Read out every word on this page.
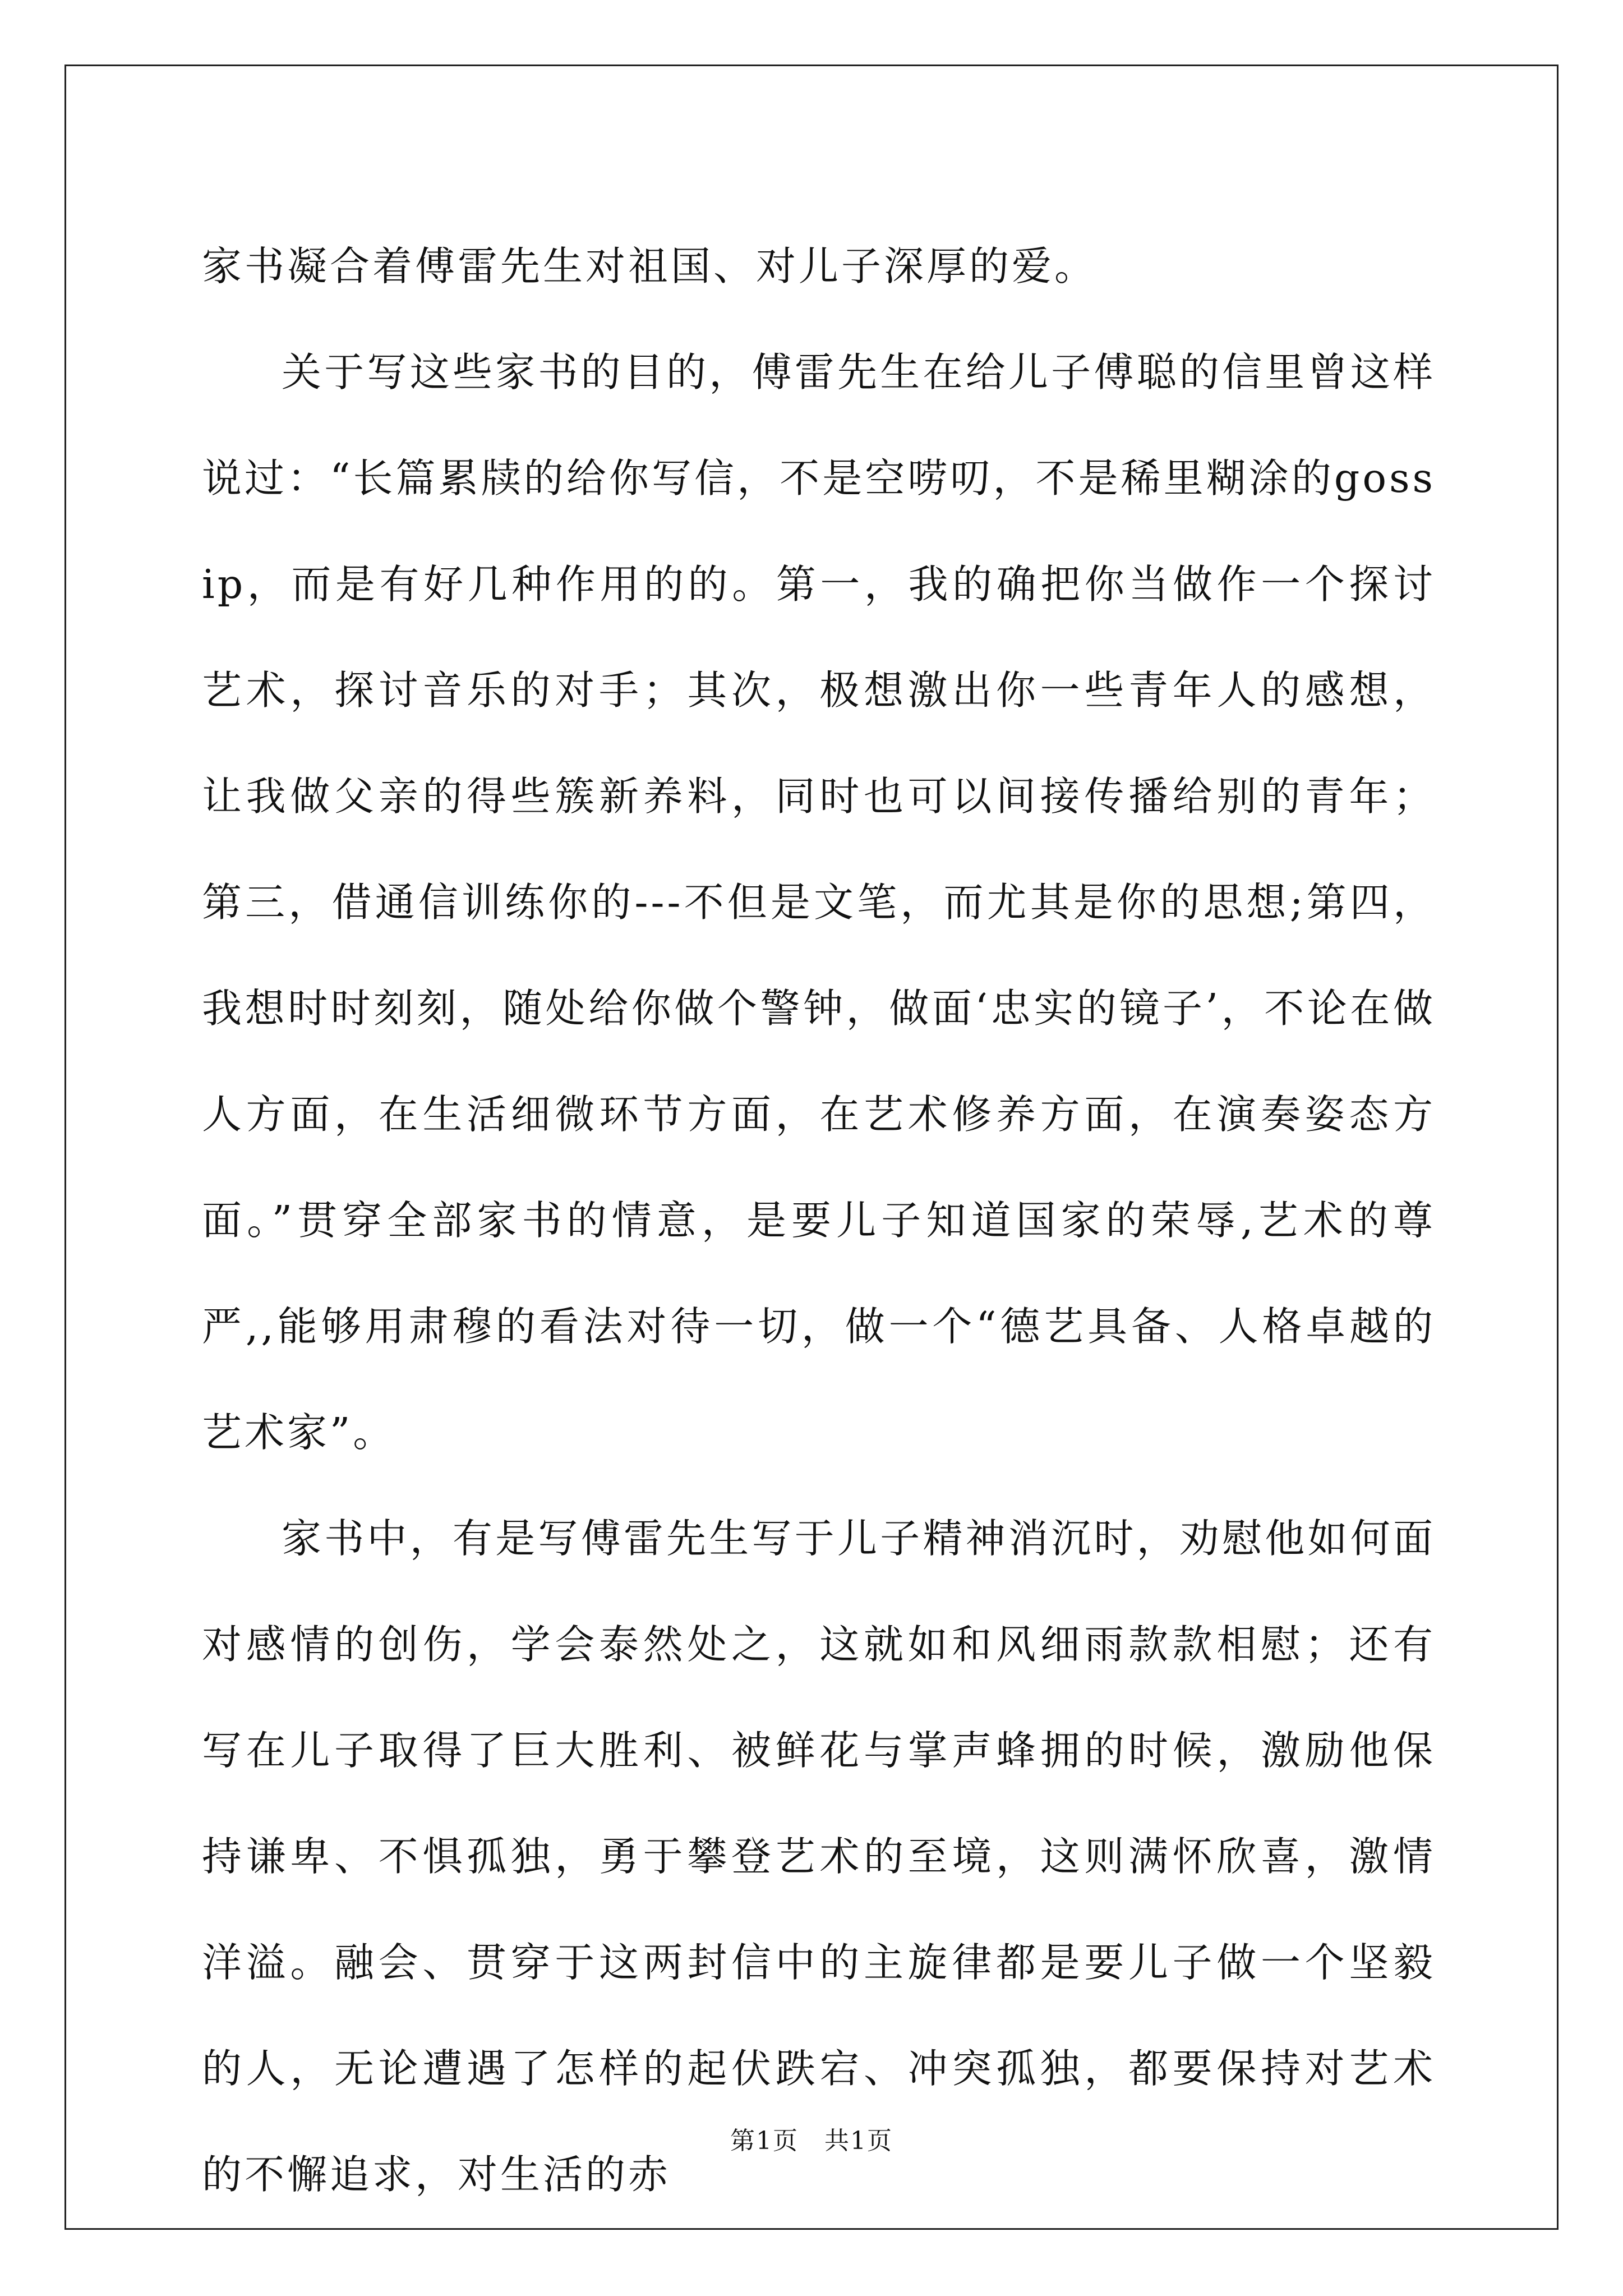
家书凝合着傅雷先生对祖国、对儿子深厚的爱。

关于写这些家书的目的，傅雷先生在给儿子傅聪的信里曾这样说过：“长篇累牍的给你写信，不是空唠叨，不是稀里糊涂的gossip，而是有好几种作用的的。第一，我的确把你当做作一个探讨艺术，探讨音乐的对手；其次，极想激出你一些青年人的感想，让我做父亲的得些簇新养料，同时也可以间接传播给别的青年；第三，借通信训练你的---不但是文笔，而尤其是你的思想;第四，我想时时刻刻，随处给你做个警钟，做面‘忠实的镜子’，不论在做人方面，在生活细微环节方面，在艺术修养方面，在演奏姿态方面。”贯穿全部家书的情意，是要儿子知道国家的荣辱,艺术的尊严,,能够用肃穆的看法对待一切，做一个“德艺具备、人格卓越的艺术家”。

家书中，有是写傅雷先生写于儿子精神消沉时，劝慰他如何面对感情的创伤，学会泰然处之，这就如和风细雨款款相慰；还有写在儿子取得了巨大胜利、被鲜花与掌声蜂拥的时候，激励他保持谦卑、不惧孤独，勇于攀登艺术的至境，这则满怀欣喜，激情洋溢。融会、贯穿于这两封信中的主旋律都是要儿子做一个坚毅的人，无论遭遇了怎样的起伏跌宕、冲突孤独，都要保持对艺术的不懈追求，对生活的赤

第1页　共1页
